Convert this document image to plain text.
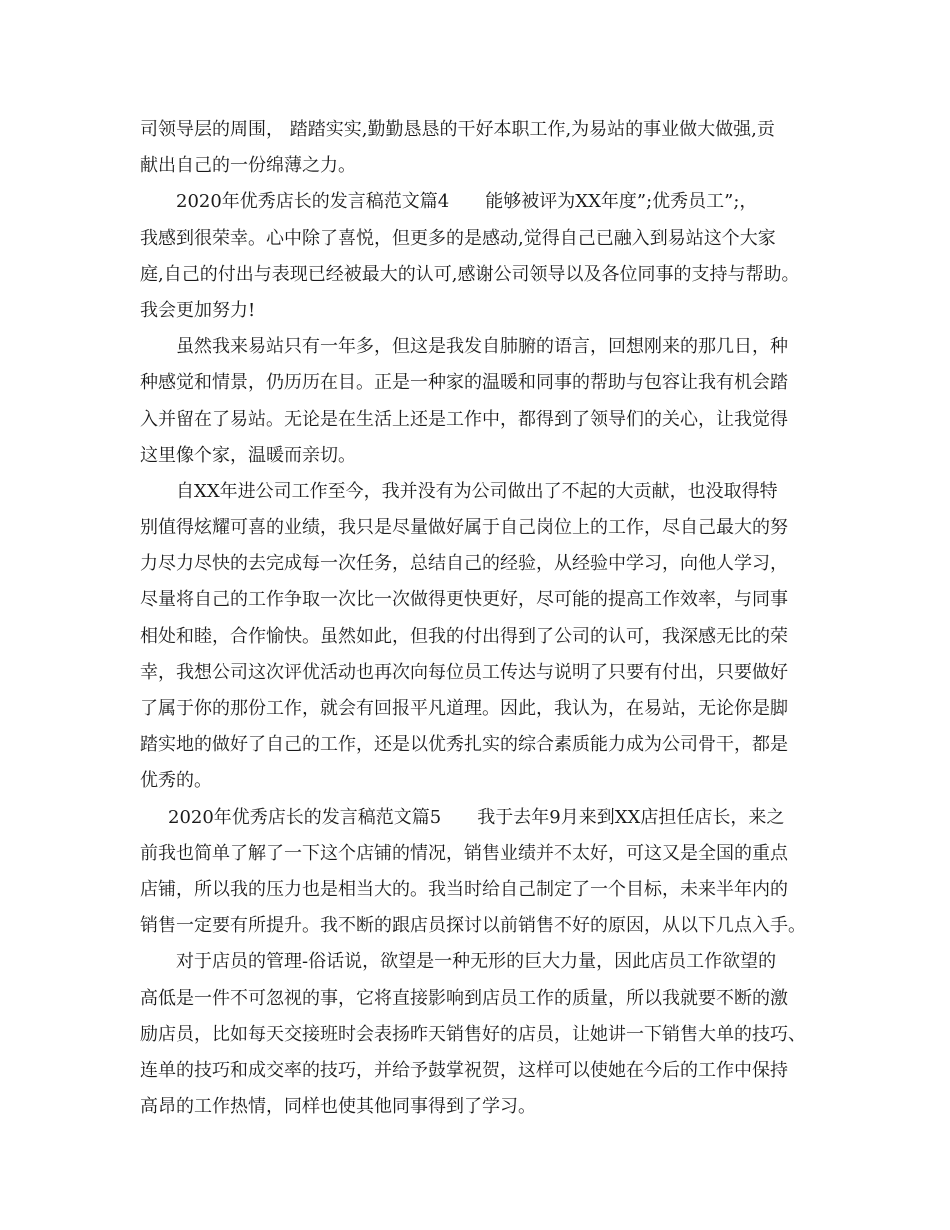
司领导层的周围， 踏踏实实,勤勤恳恳的干好本职工作,为易站的事业做大做强,贡
献出自己的一份绵薄之力。
2020年优秀店长的发言稿范文篇4　　能够被评为XX年度”;优秀员工”;，
我感到很荣幸。心中除了喜悦，但更多的是感动,觉得自己已融入到易站这个大家
庭,自己的付出与表现已经被最大的认可,感谢公司领导以及各位同事的支持与帮助。
我会更加努力!
虽然我来易站只有一年多，但这是我发自肺腑的语言，回想刚来的那几日，种
种感觉和情景，仍历历在目。正是一种家的温暖和同事的帮助与包容让我有机会踏
入并留在了易站。无论是在生活上还是工作中，都得到了领导们的关心，让我觉得
这里像个家，温暖而亲切。
自XX年进公司工作至今，我并没有为公司做出了不起的大贡献，也没取得特
别值得炫耀可喜的业绩，我只是尽量做好属于自己岗位上的工作，尽自己最大的努
力尽力尽快的去完成每一次任务，总结自己的经验，从经验中学习，向他人学习，
尽量将自己的工作争取一次比一次做得更快更好，尽可能的提高工作效率，与同事
相处和睦，合作愉快。虽然如此，但我的付出得到了公司的认可，我深感无比的荣
幸，我想公司这次评优活动也再次向每位员工传达与说明了只要有付出，只要做好
了属于你的那份工作，就会有回报平凡道理。因此，我认为，在易站，无论你是脚
踏实地的做好了自己的工作，还是以优秀扎实的综合素质能力成为公司骨干，都是
优秀的。
2020年优秀店长的发言稿范文篇5　　我于去年9月来到XX店担任店长，来之
前我也简单了解了一下这个店铺的情况，销售业绩并不太好，可这又是全国的重点
店铺，所以我的压力也是相当大的。我当时给自己制定了一个目标，未来半年内的
销售一定要有所提升。我不断的跟店员探讨以前销售不好的原因，从以下几点入手。
对于店员的管理-俗话说，欲望是一种无形的巨大力量，因此店员工作欲望的
高低是一件不可忽视的事，它将直接影响到店员工作的质量，所以我就要不断的激
励店员，比如每天交接班时会表扬昨天销售好的店员，让她讲一下销售大单的技巧、
连单的技巧和成交率的技巧，并给予鼓掌祝贺，这样可以使她在今后的工作中保持
高昂的工作热情，同样也使其他同事得到了学习。
